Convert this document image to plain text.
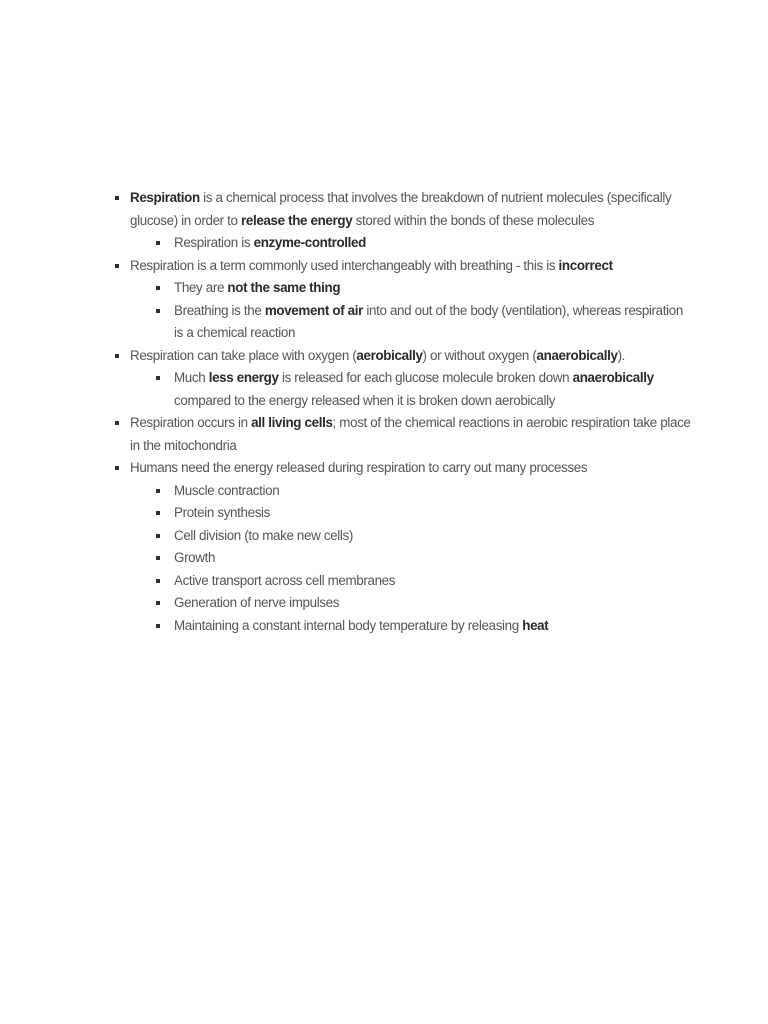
Respiration is a chemical process that involves the breakdown of nutrient molecules (specifically glucose) in order to release the energy stored within the bonds of these molecules
Respiration is enzyme-controlled
Respiration is a term commonly used interchangeably with breathing - this is incorrect
They are not the same thing
Breathing is the movement of air into and out of the body (ventilation), whereas respiration is a chemical reaction
Respiration can take place with oxygen (aerobically) or without oxygen (anaerobically).
Much less energy is released for each glucose molecule broken down anaerobically compared to the energy released when it is broken down aerobically
Respiration occurs in all living cells; most of the chemical reactions in aerobic respiration take place in the mitochondria
Humans need the energy released during respiration to carry out many processes
Muscle contraction
Protein synthesis
Cell division (to make new cells)
Growth
Active transport across cell membranes
Generation of nerve impulses
Maintaining a constant internal body temperature by releasing heat
